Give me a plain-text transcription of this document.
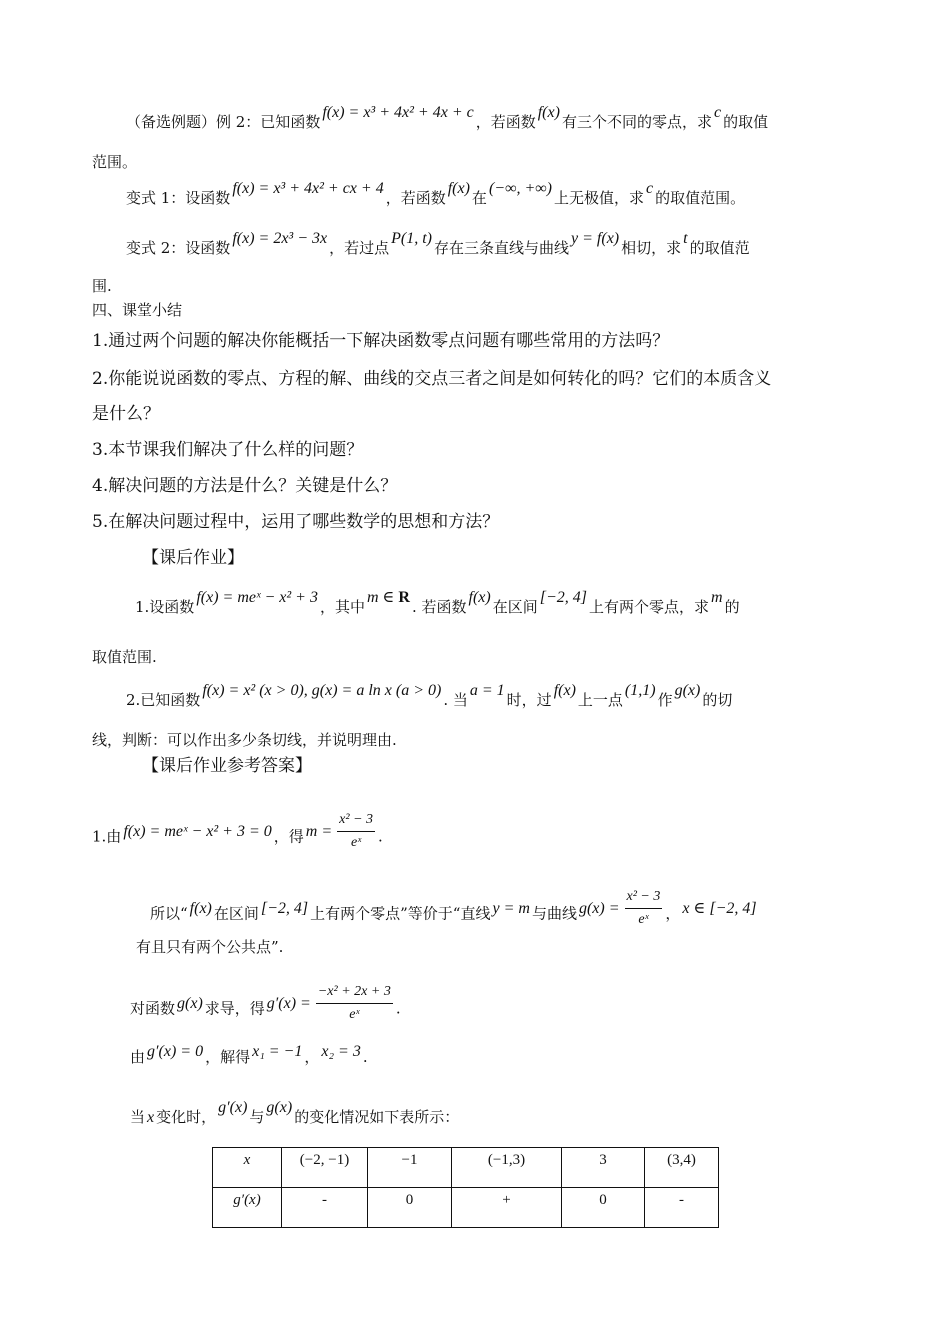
（备选例题）例 2：已知函数f(x) = x³ + 4x² + 4x + c，若函数f(x)有三个不同的零点，求c的取值
范围。
变式 1：设函数f(x) = x³ + 4x² + cx + 4，若函数f(x)在(−∞, +∞)上无极值，求c的取值范围。
变式 2：设函数f(x) = 2x³ − 3x，若过点P(1, t)存在三条直线与曲线y = f(x)相切，求t的取值范
围.
四、课堂小结
1.通过两个问题的解决你能概括一下解决函数零点问题有哪些常用的方法吗？
2.你能说说函数的零点、方程的解、曲线的交点三者之间是如何转化的吗？它们的本质含义
是什么？
3.本节课我们解决了什么样的问题？
4.解决问题的方法是什么？关键是什么？
5.在解决问题过程中，运用了哪些数学的思想和方法？
【课后作业】
1.设函数f(x) = meˣ − x² + 3，其中m ∈ R. 若函数f(x)在区间[−2, 4]上有两个零点，求m的
取值范围.
2.已知函数f(x) = x² (x > 0), g(x) = a ln x (a > 0). 当a = 1时，过f(x)上一点(1,1)作g(x)的切
线，判断：可以作出多少条切线，并说明理由.
【课后作业参考答案】
1.由 f(x) = meˣ − x² + 3 = 0 ，得 $m = \frac{\text{x² − 3}}{\text{eˣ}}$ .
所以“ f(x) 在区间 [−2, 4] 上有两个零点”等价于“直线 y = m 与曲线 $g(x) = \frac{\text{x² − 3}}{\text{eˣ}}$ ， x ∈ [−2, 4]
有且只有两个公共点”.
对函数 g(x) 求导，得 $g'(x) = \frac{\text{−x² + 2x + 3}}{\text{eˣ}}$ .
由 g′(x) = 0 ，解得 x₁ = −1 ， x₂ = 3 .
当 x 变化时，g′(x)与g(x)的变化情况如下表所示：
x	(−2, −1)	−1	(−1,3)	3	(3,4)
g′(x)	-	0	+	0	-
